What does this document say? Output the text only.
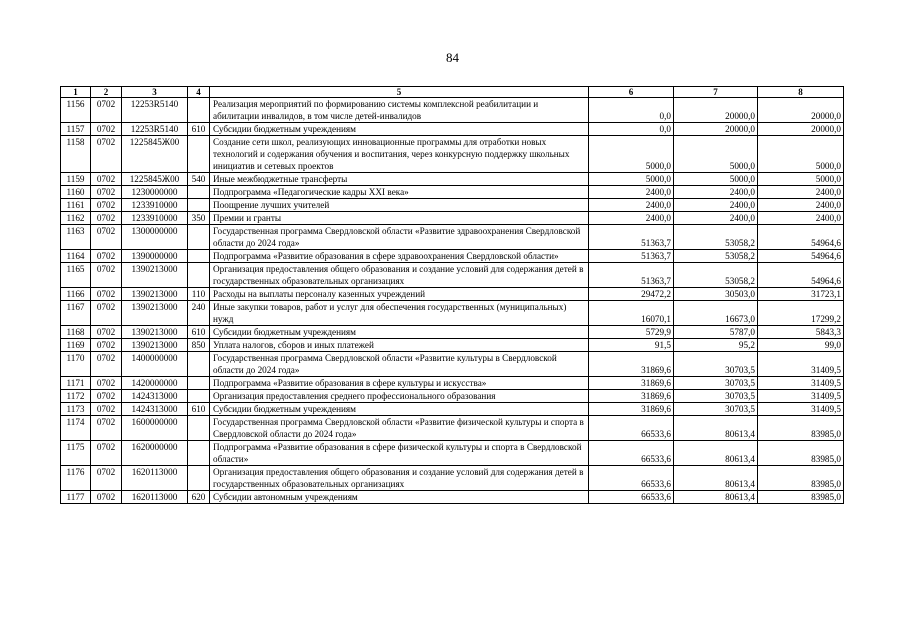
84
1	2	3	4	5	6	7	8
1156	0702	12253R5140		Реализация мероприятий по формированию системы комплексной реабилитации и абилитации инвалидов, в том числе детей-инвалидов	0,0	20000,0	20000,0
1157	0702	12253R5140	610	Субсидии бюджетным учреждениям	0,0	20000,0	20000,0
1158	0702	1225845Ж00		Создание сети школ, реализующих инновационные программы для отработки новых технологий и содержания обучения и воспитания, через конкурсную поддержку школьных инициатив и сетевых проектов	5000,0	5000,0	5000,0
1159	0702	1225845Ж00	540	Иные межбюджетные трансферты	5000,0	5000,0	5000,0
1160	0702	1230000000		Подпрограмма «Педагогические кадры XXI века»	2400,0	2400,0	2400,0
1161	0702	1233910000		Поощрение лучших учителей	2400,0	2400,0	2400,0
1162	0702	1233910000	350	Премии и гранты	2400,0	2400,0	2400,0
1163	0702	1300000000		Государственная программа Свердловской области «Развитие здравоохранения Свердловской области до 2024 года»	51363,7	53058,2	54964,6
1164	0702	1390000000		Подпрограмма «Развитие образования в сфере здравоохранения Свердловской области»	51363,7	53058,2	54964,6
1165	0702	1390213000		Организация предоставления общего образования и создание условий для содержания детей в государственных образовательных организациях	51363,7	53058,2	54964,6
1166	0702	1390213000	110	Расходы на выплаты персоналу казенных учреждений	29472,2	30503,0	31723,1
1167	0702	1390213000	240	Иные закупки товаров, работ и услуг для обеспечения государственных (муниципальных) нужд	16070,1	16673,0	17299,2
1168	0702	1390213000	610	Субсидии бюджетным учреждениям	5729,9	5787,0	5843,3
1169	0702	1390213000	850	Уплата налогов, сборов и иных платежей	91,5	95,2	99,0
1170	0702	1400000000		Государственная программа Свердловской области «Развитие культуры в Свердловской области до 2024 года»	31869,6	30703,5	31409,5
1171	0702	1420000000		Подпрограмма «Развитие образования в сфере культуры и искусства»	31869,6	30703,5	31409,5
1172	0702	1424313000		Организация предоставления среднего профессионального образования	31869,6	30703,5	31409,5
1173	0702	1424313000	610	Субсидии бюджетным учреждениям	31869,6	30703,5	31409,5
1174	0702	1600000000		Государственная программа Свердловской области «Развитие физической культуры и спорта в Свердловской области до 2024 года»	66533,6	80613,4	83985,0
1175	0702	1620000000		Подпрограмма «Развитие образования в сфере физической культуры и спорта в Свердловской области»	66533,6	80613,4	83985,0
1176	0702	1620113000		Организация предоставления общего образования и создание условий для содержания детей в государственных образовательных организациях	66533,6	80613,4	83985,0
1177	0702	1620113000	620	Субсидии автономным учреждениям	66533,6	80613,4	83985,0
